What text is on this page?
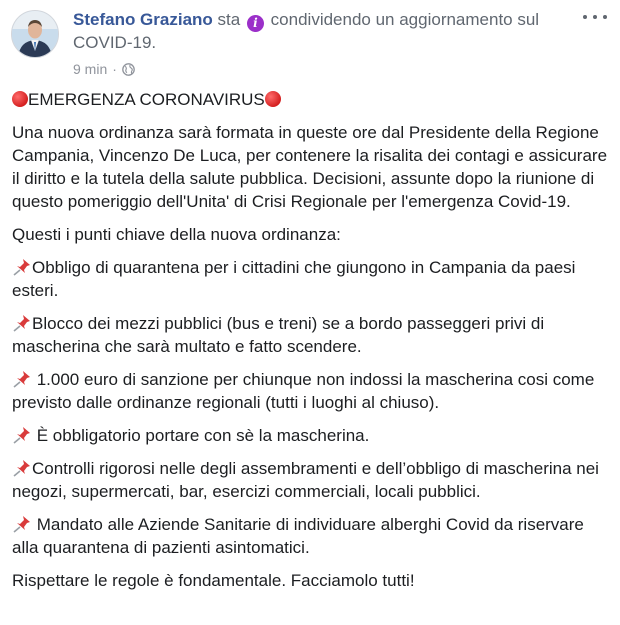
Stefano Graziano sta i condividendo un aggiornamento sul COVID-19.
9 min ·

EMERGENZA CORONAVIRUS

Una nuova ordinanza sarà formata in queste ore dal Presidente della Regione Campania, Vincenzo De Luca, per contenere la risalita dei contagi e assicurare il diritto e la tutela della salute pubblica. Decisioni, assunte dopo la riunione di questo pomeriggio dell'Unita' di Crisi Regionale per l'emergenza Covid-19.

Questi i punti chiave della nuova ordinanza:

Obbligo di quarantena per i cittadini che giungono in Campania da paesi esteri.

Blocco dei mezzi pubblici (bus e treni) se a bordo passeggeri privi di mascherina che sarà multato e fatto scendere.

1.000 euro di sanzione per chiunque non indossi la mascherina cosi come previsto dalle ordinanze regionali (tutti i luoghi al chiuso).

È obbligatorio portare con sè la mascherina.

Controlli rigorosi nelle degli assembramenti e dell’obbligo di mascherina nei negozi, supermercati, bar, esercizi commerciali, locali pubblici.

Mandato alle Aziende Sanitarie di individuare alberghi Covid da riservare alla quarantena di pazienti asintomatici.

Rispettare le regole è fondamentale. Facciamolo tutti!
